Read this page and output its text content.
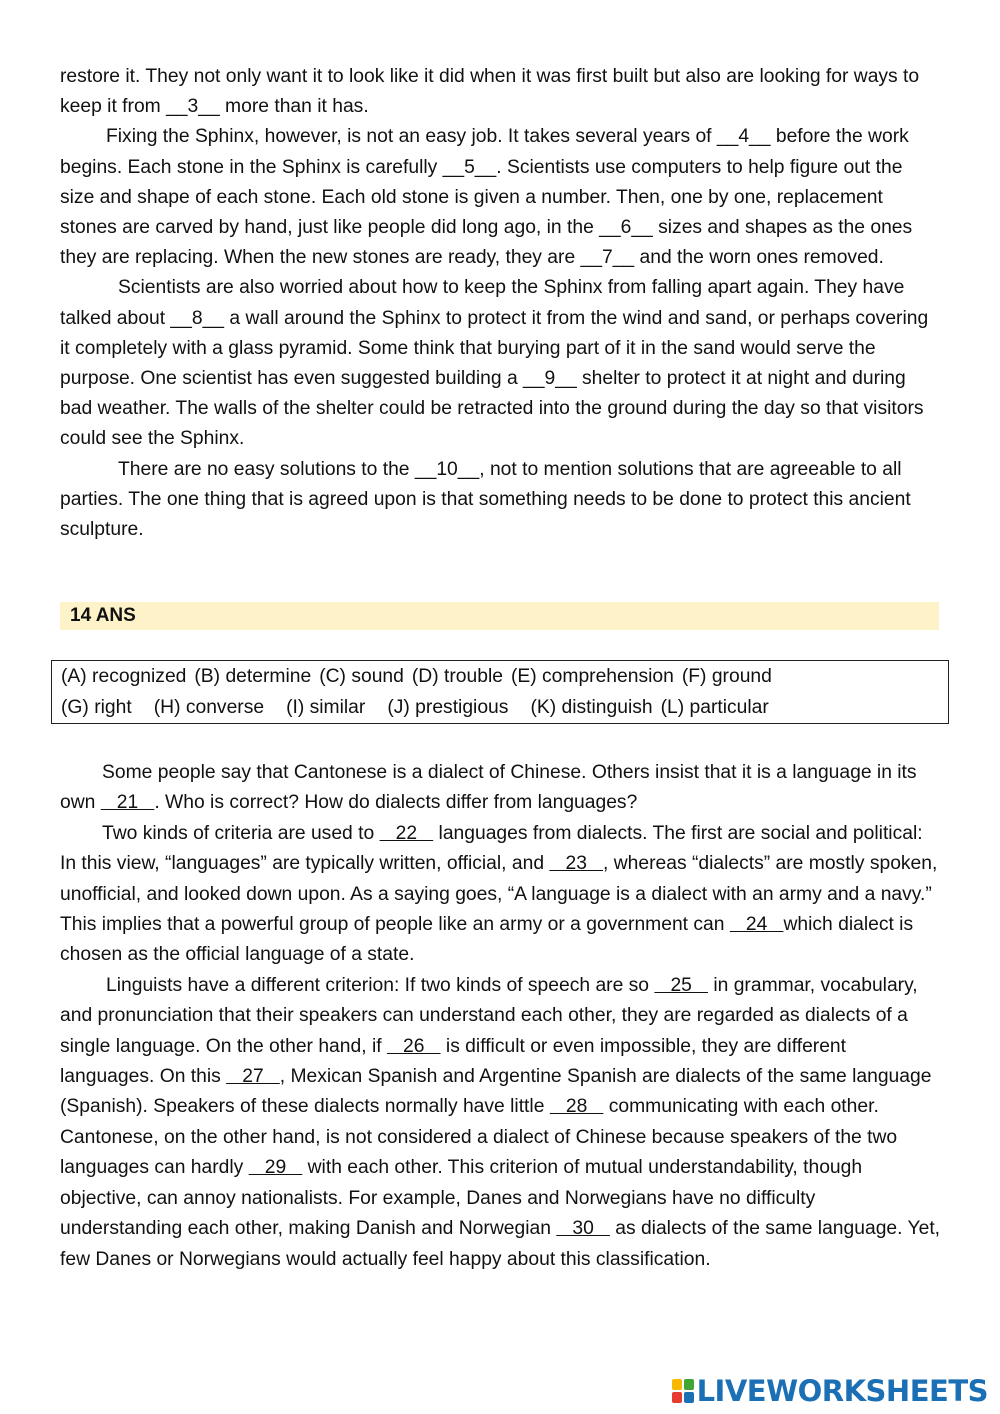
restore it. They not only want it to look like it did when it was first built but also are looking for ways to keep it from __3__ more than it has.

Fixing the Sphinx, however, is not an easy job. It takes several years of __4__ before the work begins. Each stone in the Sphinx is carefully __5__. Scientists use computers to help figure out the size and shape of each stone. Each old stone is given a number. Then, one by one, replacement stones are carved by hand, just like people did long ago, in the __6__ sizes and shapes as the ones they are replacing. When the new stones are ready, they are __7__ and the worn ones removed.

Scientists are also worried about how to keep the Sphinx from falling apart again. They have talked about __8__ a wall around the Sphinx to protect it from the wind and sand, or perhaps covering it completely with a glass pyramid. Some think that burying part of it in the sand would serve the purpose. One scientist has even suggested building a __9__ shelter to protect it at night and during bad weather. The walls of the shelter could be retracted into the ground during the day so that visitors could see the Sphinx.

There are no easy solutions to the __10__, not to mention solutions that are agreeable to all parties. The one thing that is agreed upon is that something needs to be done to protect this ancient sculpture.

14 ANS
(A) recognized (B) determine (C) sound (D) trouble (E) comprehension (F) ground
(G) right (H) converse (I) similar (J) prestigious (K) distinguish (L) particular

Some people say that Cantonese is a dialect of Chinese. Others insist that it is a language in its own    21   . Who is correct? How do dialects differ from languages?

Two kinds of criteria are used to    22    languages from dialects. The first are social and political: In this view, “languages” are typically written, official, and    23   , whereas “dialects” are mostly spoken, unofficial, and looked down upon. As a saying goes, “A language is a dialect with an army and a navy.” This implies that a powerful group of people like an army or a government can    24   which dialect is chosen as the official language of a state.

Linguists have a different criterion: If two kinds of speech are so    25    in grammar, vocabulary, and pronunciation that their speakers can understand each other, they are regarded as dialects of a single language. On the other hand, if    26    is difficult or even impossible, they are different languages. On this    27   , Mexican Spanish and Argentine Spanish are dialects of the same language (Spanish). Speakers of these dialects normally have little    28    communicating with each other. Cantonese, on the other hand, is not considered a dialect of Chinese because speakers of the two languages can hardly    29    with each other. This criterion of mutual understandability, though objective, can annoy nationalists. For example, Danes and Norwegians have no difficulty understanding each other, making Danish and Norwegian    30    as dialects of the same language. Yet, few Danes or Norwegians would actually feel happy about this classification.

LIVEWORKSHEETS
